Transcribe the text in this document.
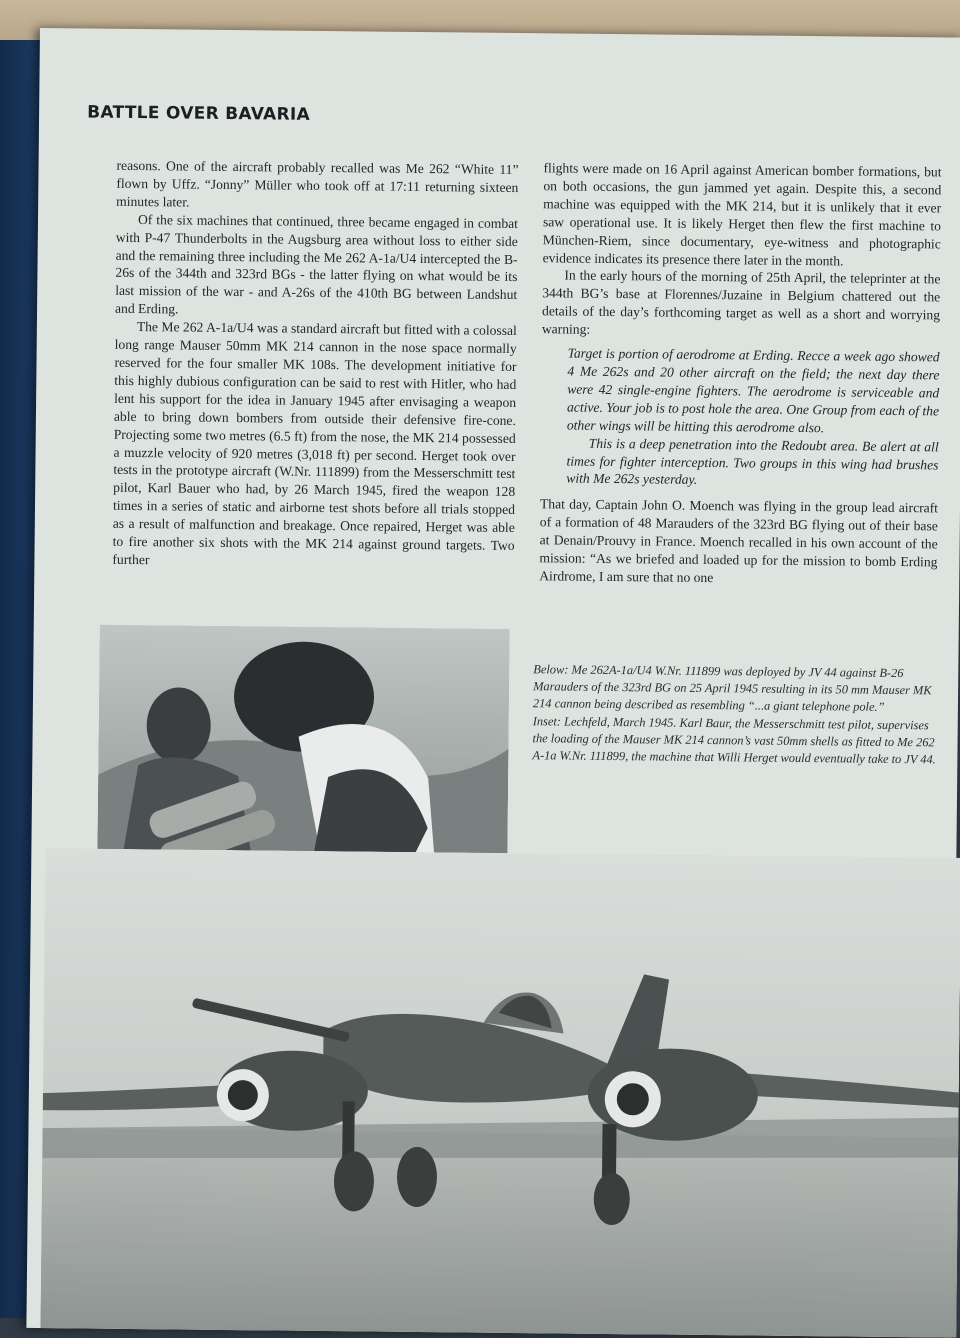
BATTLE OVER BAVARIA

reasons. One of the aircraft probably recalled was Me 262 “White 11” flown by Uffz. “Jonny” Müller who took off at 17:11 returning sixteen minutes later.

Of the six machines that continued, three became engaged in combat with P-47 Thunderbolts in the Augsburg area without loss to either side and the remaining three including the Me 262 A-1a/U4 intercepted the B-26s of the 344th and 323rd BGs - the latter flying on what would be its last mission of the war - and A-26s of the 410th BG between Landshut and Erding.

The Me 262 A-1a/U4 was a standard aircraft but fitted with a colossal long range Mauser 50mm MK 214 cannon in the nose space normally reserved for the four smaller MK 108s. The development initiative for this highly dubious configuration can be said to rest with Hitler, who had lent his support for the idea in January 1945 after envisaging a weapon able to bring down bombers from outside their defensive fire-cone. Projecting some two metres (6.5 ft) from the nose, the MK 214 possessed a muzzle velocity of 920 metres (3,018 ft) per second. Herget took over tests in the prototype aircraft (W.Nr. 111899) from the Messerschmitt test pilot, Karl Bauer who had, by 26 March 1945, fired the weapon 128 times in a series of static and airborne test shots before all trials stopped as a result of malfunction and breakage. Once repaired, Herget was able to fire another six shots with the MK 214 against ground targets. Two further

flights were made on 16 April against American bomber formations, but on both occasions, the gun jammed yet again. Despite this, a second machine was equipped with the MK 214, but it is unlikely that it ever saw operational use. It is likely Herget then flew the first machine to München-Riem, since documentary, eye-witness and photographic evidence indicates its presence there later in the month.

In the early hours of the morning of 25th April, the teleprinter at the 344th BG’s base at Florennes/Juzaine in Belgium chattered out the details of the day’s forthcoming target as well as a short and worrying warning:

Target is portion of aerodrome at Erding. Recce a week ago showed 4 Me 262s and 20 other aircraft on the field; the next day there were 42 single-engine fighters. The aerodrome is serviceable and active. Your job is to post hole the area. One Group from each of the other wings will be hitting this aerodrome also.

This is a deep penetration into the Redoubt area. Be alert at all times for fighter interception. Two groups in this wing had brushes with Me 262s yesterday.

That day, Captain John O. Moench was flying in the group lead aircraft of a formation of 48 Marauders of the 323rd BG flying out of their base at Denain/Prouvy in France. Moench recalled in his own account of the mission: “As we briefed and loaded up for the mission to bomb Erding Airdrome, I am sure that no one

Below: Me 262A-1a/U4 W.Nr. 111899 was deployed by JV 44 against B-26 Marauders of the 323rd BG on 25 April 1945 resulting in its 50 mm Mauser MK 214 cannon being described as resembling “...a giant telephone pole.”

Inset: Lechfeld, March 1945. Karl Baur, the Messerschmitt test pilot, supervises the loading of the Mauser MK 214 cannon’s vast 50mm shells as fitted to Me 262 A-1a W.Nr. 111899, the machine that Willi Herget would eventually take to JV 44.
